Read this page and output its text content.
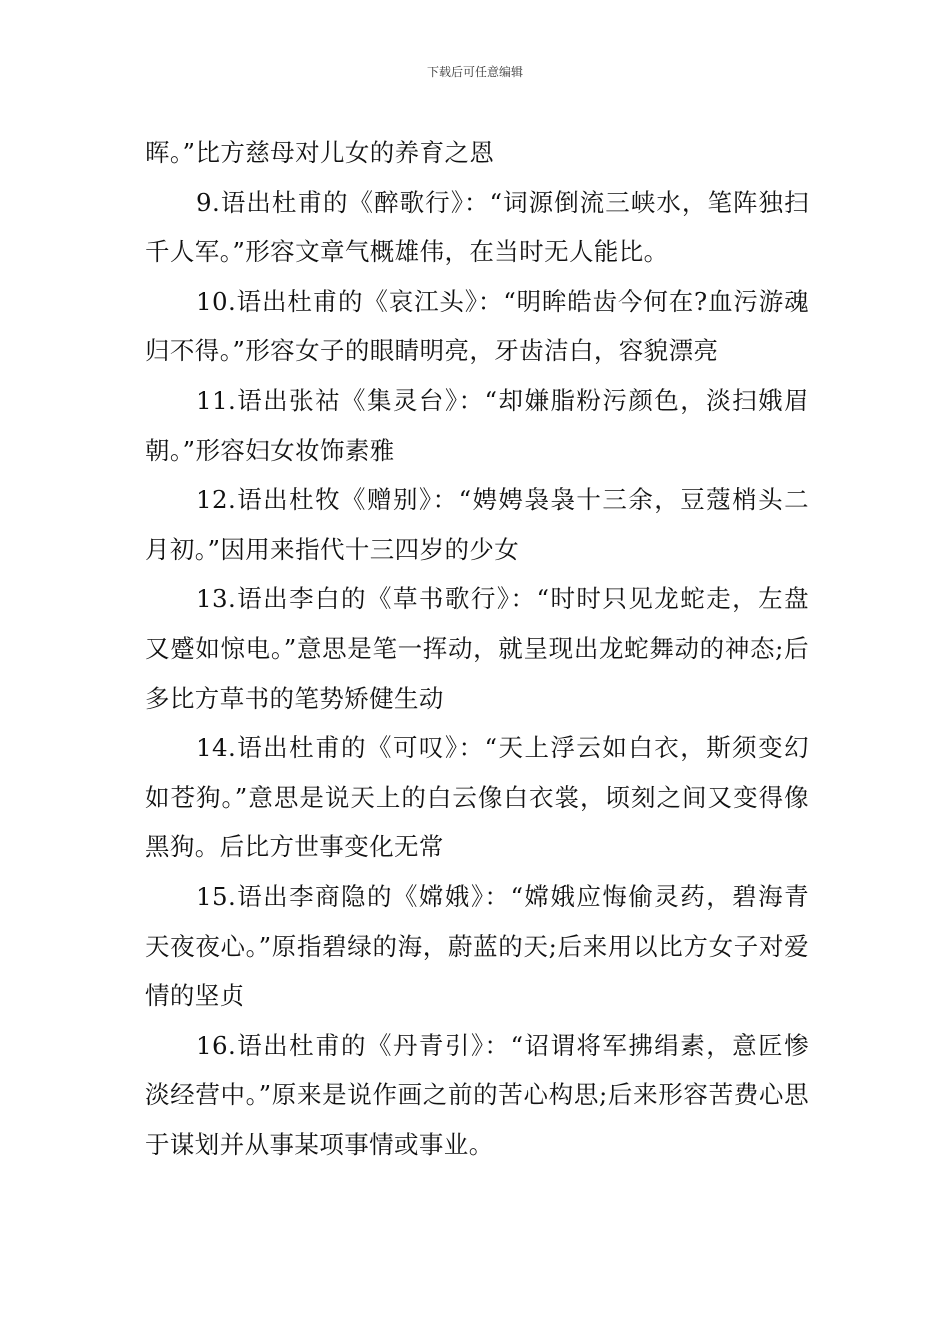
下载后可任意编辑

晖。”比方慈母对儿女的养育之恩

9.语出杜甫的《醉歌行》：“词源倒流三峡水，笔阵独扫千人军。”形容文章气概雄伟，在当时无人能比。

10.语出杜甫的《哀江头》：“明眸皓齿今何在?血污游魂归不得。”形容女子的眼睛明亮，牙齿洁白，容貌漂亮

11.语出张祜《集灵台》：“却嫌脂粉污颜色，淡扫娥眉朝。”形容妇女妆饰素雅

12.语出杜牧《赠别》：“娉娉袅袅十三余，豆蔻梢头二月初。”因用来指代十三四岁的少女

13.语出李白的《草书歌行》：“时时只见龙蛇走，左盘又蹙如惊电。”意思是笔一挥动，就呈现出龙蛇舞动的神态;后多比方草书的笔势矫健生动

14.语出杜甫的《可叹》：“天上浮云如白衣，斯须变幻如苍狗。”意思是说天上的白云像白衣裳，顷刻之间又变得像黑狗。后比方世事变化无常

15.语出李商隐的《嫦娥》：“嫦娥应悔偷灵药，碧海青天夜夜心。”原指碧绿的海，蔚蓝的天;后来用以比方女子对爱情的坚贞

16.语出杜甫的《丹青引》：“诏谓将军拂绢素，意匠惨淡经营中。”原来是说作画之前的苦心构思;后来形容苦费心思于谋划并从事某项事情或事业。
